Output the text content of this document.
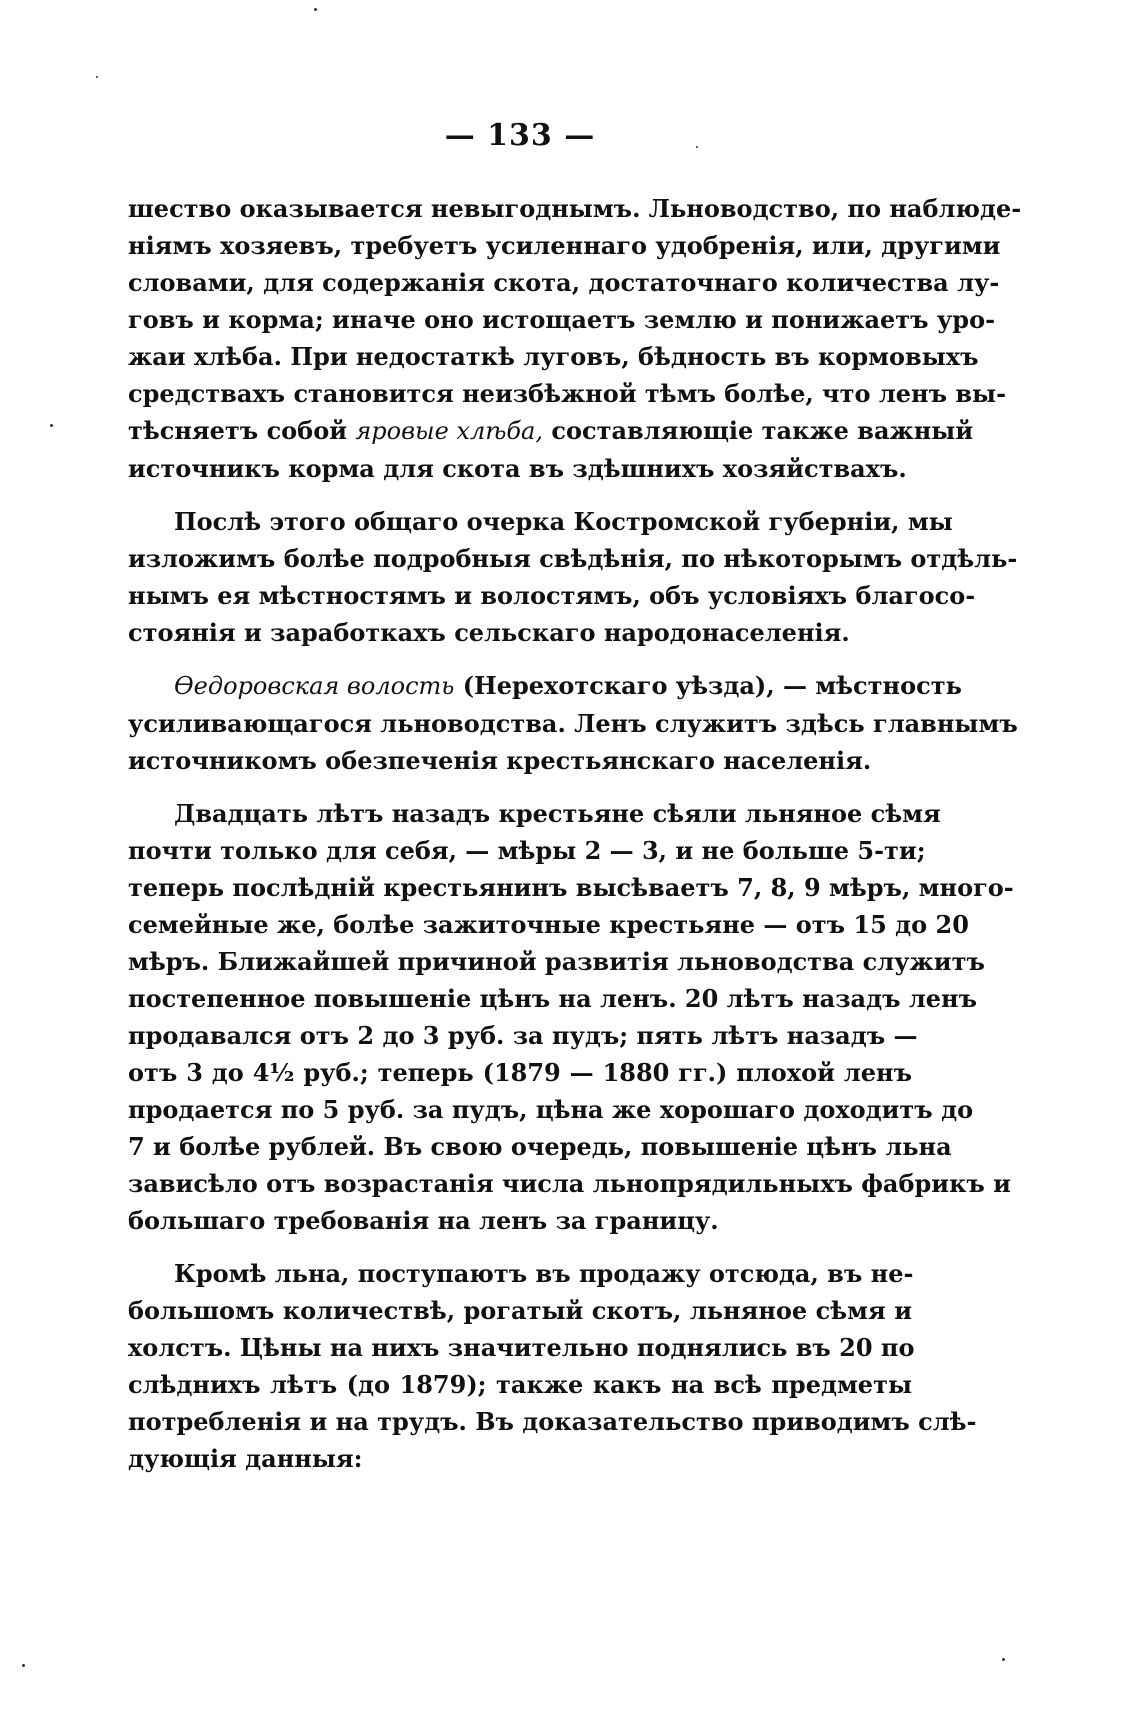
— 133 —
шество оказывается невыгоднымъ. Льноводство, по наблюде-
ніямъ хозяевъ, требуетъ усиленнаго удобренія, или, другими
словами, для содержанія скота, достаточнаго количества лу-
говъ и корма; иначе оно истощаетъ землю и понижаетъ уро-
жаи хлѣба. При недостаткѣ луговъ, бѣдность въ кормовыхъ
средствахъ становится неизбѣжной тѣмъ болѣе, что ленъ вы-
тѣсняетъ собой яровые хлѣба, составляющіе также важный
источникъ корма для скота въ здѣшнихъ хозяйствахъ.
Послѣ этого общаго очерка Костромской губерніи, мы
изложимъ болѣе подробныя свѣдѣнія, по нѣкоторымъ отдѣль-
нымъ ея мѣстностямъ и волостямъ, объ условіяхъ благосо-
стоянія и заработкахъ сельскаго народонаселенія.
Өедоровская волость (Нерехотскаго уѣзда), — мѣстность
усиливающагося льноводства. Ленъ служитъ здѣсь главнымъ
источникомъ обезпеченія крестьянскаго населенія.
Двадцать лѣтъ назадъ крестьяне сѣяли льняное сѣмя
почти только для себя, — мѣры 2 — 3, и не больше 5-ти;
теперь послѣдній крестьянинъ высѣваетъ 7, 8, 9 мѣръ, много-
семейные же, болѣе зажиточные крестьяне — отъ 15 до 20
мѣръ. Ближайшей причиной развитія льноводства служитъ
постепенное повышеніе цѣнъ на ленъ. 20 лѣтъ назадъ ленъ
продавался отъ 2 до 3 руб. за пудъ; пять лѣтъ назадъ —
отъ 3 до 4½ руб.; теперь (1879 — 1880 гг.) плохой ленъ
продается по 5 руб. за пудъ, цѣна же хорошаго доходитъ до
7 и болѣе рублей. Въ свою очередь, повышеніе цѣнъ льна
зависѣло отъ возрастанія числа льнопрядильныхъ фабрикъ и
большаго требованія на ленъ за границу.
Кромѣ льна, поступаютъ въ продажу отсюда, въ не-
большомъ количествѣ, рогатый скотъ, льняное сѣмя и
холстъ. Цѣны на нихъ значительно поднялись въ 20 по
слѣднихъ лѣтъ (до 1879); также какъ на всѣ предметы
потребленія и на трудъ. Въ доказательство приводимъ слѣ-
дующія данныя:
